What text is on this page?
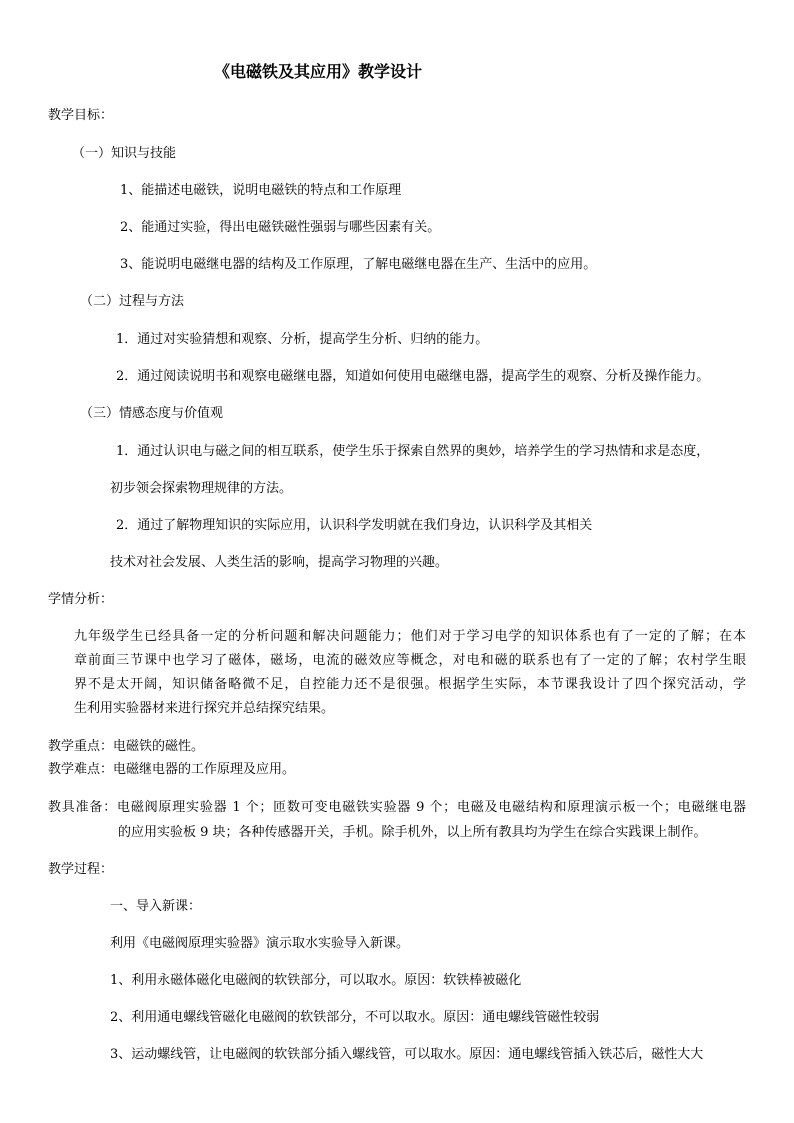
《电磁铁及其应用》教学设计

教学目标：

（一）知识与技能

1、能描述电磁铁，说明电磁铁的特点和工作原理

2、能通过实验，得出电磁铁磁性强弱与哪些因素有关。

3、能说明电磁继电器的结构及工作原理，了解电磁继电器在生产、生活中的应用。

（二）过程与方法

1．通过对实验猜想和观察、分析，提高学生分析、归纳的能力。

2．通过阅读说明书和观察电磁继电器，知道如何使用电磁继电器，提高学生的观察、分析及操作能力。

（三）情感态度与价值观

1．通过认识电与磁之间的相互联系，使学生乐于探索自然界的奥妙，培养学生的学习热情和求是态度，

初步领会探索物理规律的方法。

2．通过了解物理知识的实际应用，认识科学发明就在我们身边，认识科学及其相关

技术对社会发展、人类生活的影响，提高学习物理的兴趣。

学情分析：

九年级学生已经具备一定的分析问题和解决问题能力；他们对于学习电学的知识体系也有了一定的了解；在本

章前面三节课中也学习了磁体，磁场，电流的磁效应等概念，对电和磁的联系也有了一定的了解；农村学生眼

界不是太开阔，知识储备略微不足，自控能力还不是很强。根据学生实际，本节课我设计了四个探究活动，学

生利用实验器材来进行探究并总结探究结果。

教学重点：电磁铁的磁性。

教学难点：电磁继电器的工作原理及应用。

教具准备：电磁阀原理实验器 1 个；匝数可变电磁铁实验器 9 个；电磁及电磁结构和原理演示板一个；电磁继电器

的应用实验板 9 块；各种传感器开关，手机。除手机外，以上所有教具均为学生在综合实践课上制作。

教学过程：

一、导入新课：

利用《电磁阀原理实验器》演示取水实验导入新课。

1、利用永磁体磁化电磁阀的软铁部分，可以取水。原因：软铁棒被磁化

2、利用通电螺线管磁化电磁阀的软铁部分，不可以取水。原因：通电螺线管磁性较弱

3、运动螺线管，让电磁阀的软铁部分插入螺线管，可以取水。原因：通电螺线管插入铁芯后，磁性大大
